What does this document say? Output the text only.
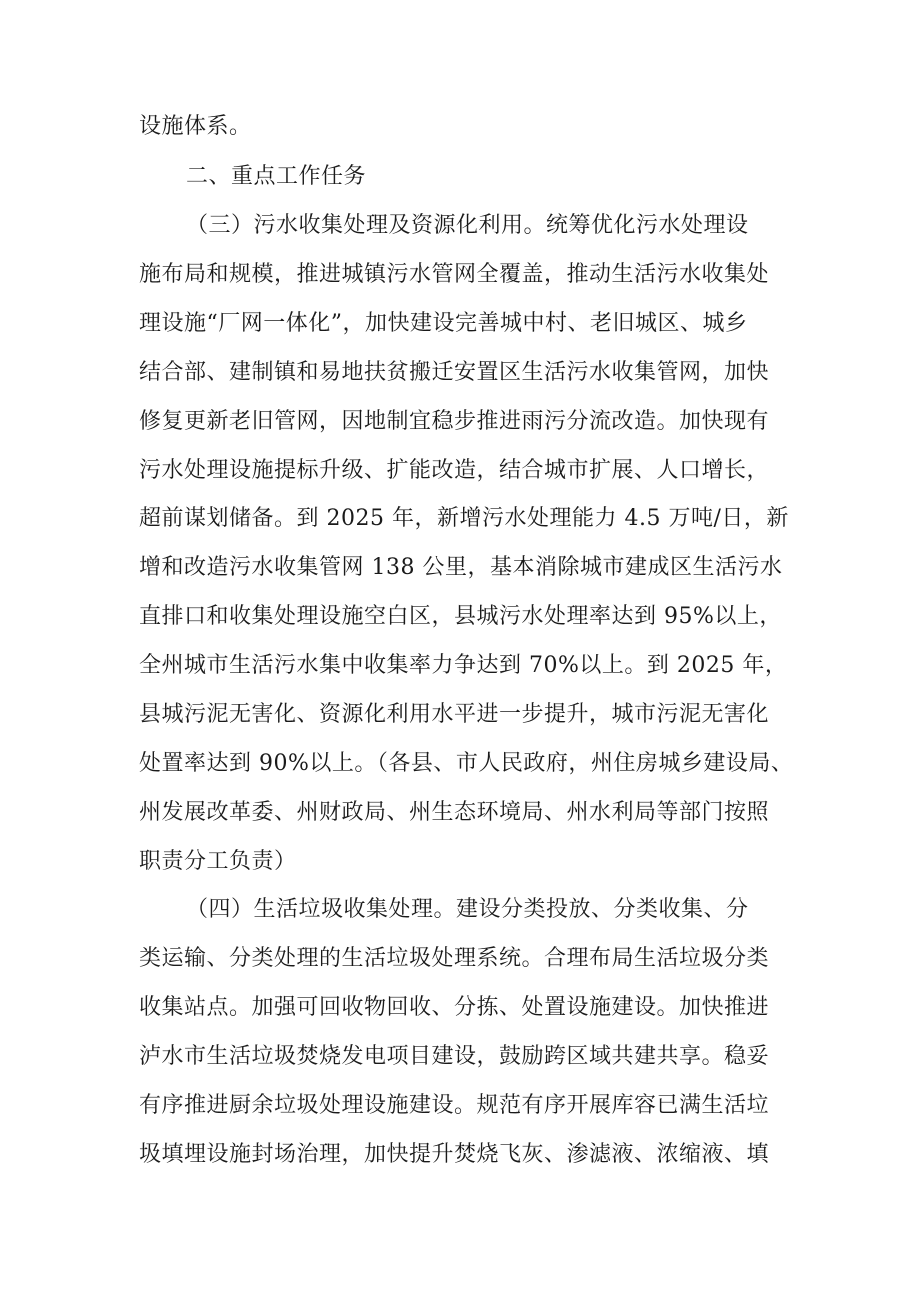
设施体系。
二、重点工作任务
（三）污水收集处理及资源化利用。统筹优化污水处理设
施布局和规模，推进城镇污水管网全覆盖，推动生活污水收集处
理设施“厂网一体化”，加快建设完善城中村、老旧城区、城乡
结合部、建制镇和易地扶贫搬迁安置区生活污水收集管网，加快
修复更新老旧管网，因地制宜稳步推进雨污分流改造。加快现有
污水处理设施提标升级、扩能改造，结合城市扩展、人口增长，
超前谋划储备。到 2025 年，新增污水处理能力 4.5 万吨/日，新
增和改造污水收集管网 138 公里，基本消除城市建成区生活污水
直排口和收集处理设施空白区，县城污水处理率达到 95%以上，
全州城市生活污水集中收集率力争达到 70%以上。到 2025 年，
县城污泥无害化、资源化利用水平进一步提升，城市污泥无害化
处置率达到 90%以上。（各县、市人民政府，州住房城乡建设局、
州发展改革委、州财政局、州生态环境局、州水利局等部门按照
职责分工负责）
（四）生活垃圾收集处理。建设分类投放、分类收集、分
类运输、分类处理的生活垃圾处理系统。合理布局生活垃圾分类
收集站点。加强可回收物回收、分拣、处置设施建设。加快推进
泸水市生活垃圾焚烧发电项目建设，鼓励跨区域共建共享。稳妥
有序推进厨余垃圾处理设施建设。规范有序开展库容已满生活垃
圾填埋设施封场治理，加快提升焚烧飞灰、渗滤液、浓缩液、填
